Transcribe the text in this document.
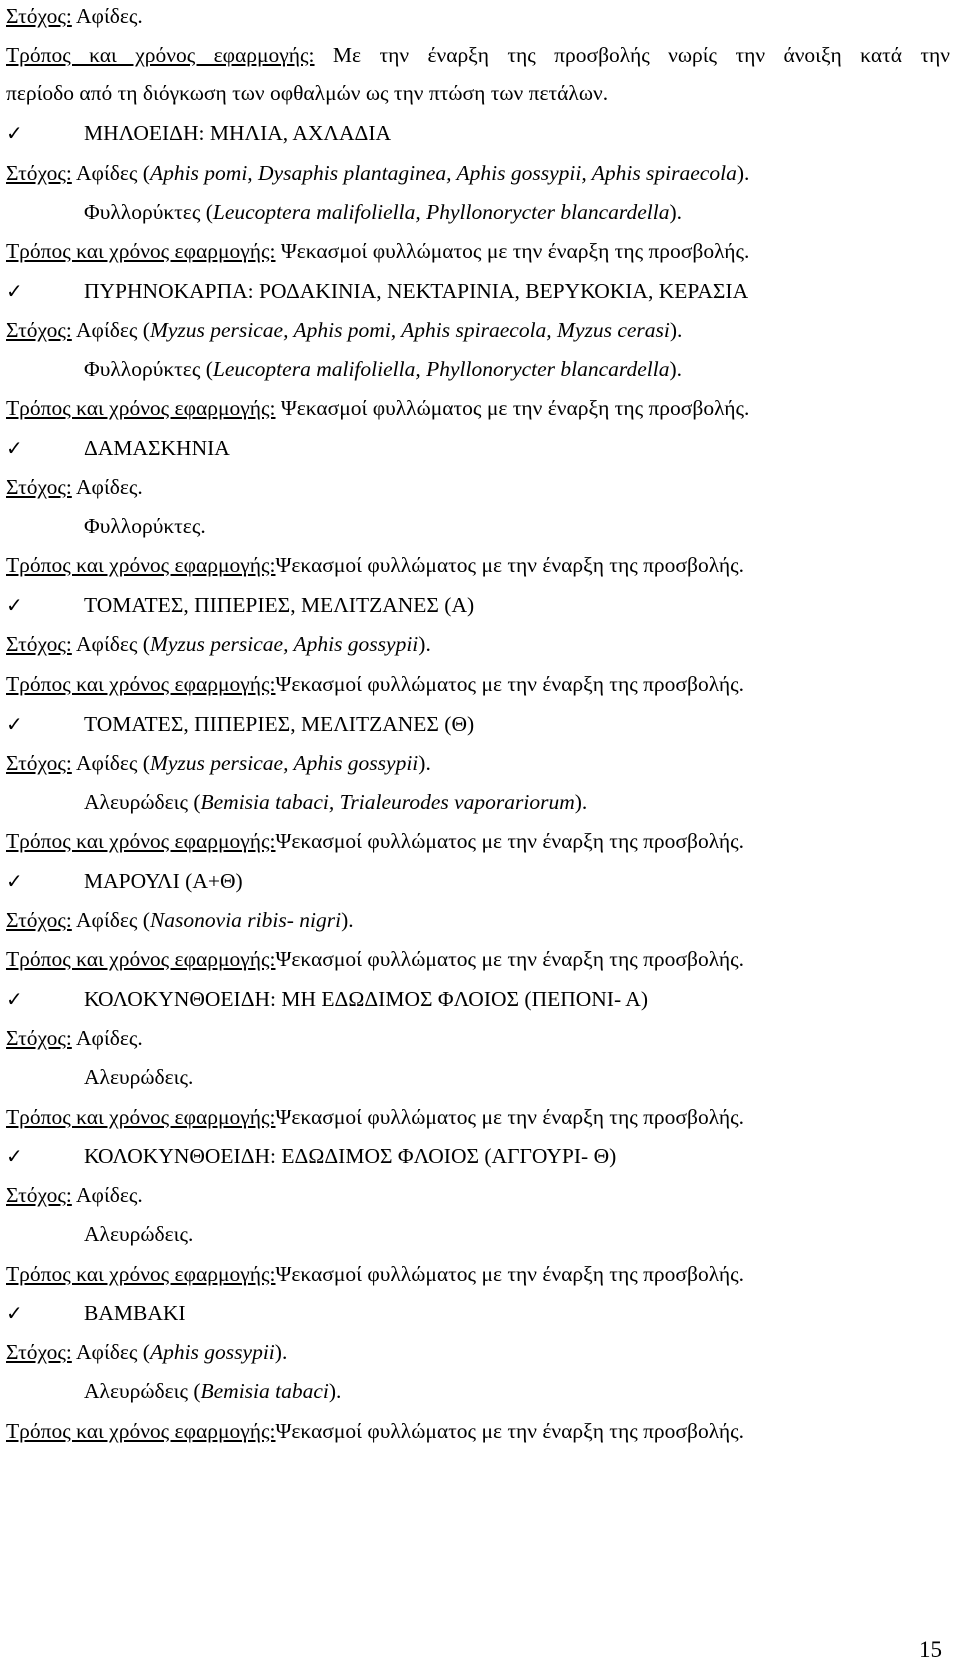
Στόχος: Αφίδες.
Τρόπος και χρόνος εφαρμογής: Με την έναρξη της προσβολής νωρίς την άνοιξη κατά την
περίοδο από τη διόγκωση των οφθαλμών ως την πτώση των πετάλων.
✓	ΜΗΛΟΕΙΔΗ: ΜΗΛΙΑ, ΑΧΛΑΔΙΑ
Στόχος: Αφίδες (Aphis pomi, Dysaphis plantaginea, Aphis gossypii, Aphis spiraecola).
Φυλλορύκτες (Leucoptera malifoliella, Phyllonorycter blancardella).
Τρόπος και χρόνος εφαρμογής: Ψεκασμοί φυλλώματος με την έναρξη της προσβολής.
✓	ΠΥΡΗΝΟΚΑΡΠΑ: ΡΟΔΑΚΙΝΙΑ, ΝΕΚΤΑΡΙΝΙΑ, ΒΕΡΥΚΟΚΙΑ, ΚΕΡΑΣΙΑ
Στόχος: Αφίδες (Myzus persicae, Aphis pomi, Aphis spiraecola, Myzus cerasi).
Φυλλορύκτες (Leucoptera malifoliella, Phyllonorycter blancardella).
Τρόπος και χρόνος εφαρμογής: Ψεκασμοί φυλλώματος με την έναρξη της προσβολής.
✓	ΔΑΜΑΣΚΗΝΙΑ
Στόχος: Αφίδες.
Φυλλορύκτες.
Τρόπος και χρόνος εφαρμογής:Ψεκασμοί φυλλώματος με την έναρξη της προσβολής.
✓	ΤΟΜΑΤΕΣ, ΠΙΠΕΡΙΕΣ, ΜΕΛΙΤΖΑΝΕΣ (Α)
Στόχος: Αφίδες (Myzus persicae, Aphis gossypii).
Τρόπος και χρόνος εφαρμογής:Ψεκασμοί φυλλώματος με την έναρξη της προσβολής.
✓	ΤΟΜΑΤΕΣ, ΠΙΠΕΡΙΕΣ, ΜΕΛΙΤΖΑΝΕΣ (Θ)
Στόχος: Αφίδες (Myzus persicae, Aphis gossypii).
Αλευρώδεις (Bemisia tabaci, Trialeurodes vaporariorum).
Τρόπος και χρόνος εφαρμογής:Ψεκασμοί φυλλώματος με την έναρξη της προσβολής.
✓	ΜΑΡΟΥΛΙ (Α+Θ)
Στόχος: Αφίδες (Nasonovia ribis- nigri).
Τρόπος και χρόνος εφαρμογής:Ψεκασμοί φυλλώματος με την έναρξη της προσβολής.
✓	ΚΟΛΟΚΥΝΘΟΕΙΔΗ: ΜΗ ΕΔΩΔΙΜΟΣ ΦΛΟΙΟΣ (ΠΕΠΟΝΙ- Α)
Στόχος: Αφίδες.
Αλευρώδεις.
Τρόπος και χρόνος εφαρμογής:Ψεκασμοί φυλλώματος με την έναρξη της προσβολής.
✓	ΚΟΛΟΚΥΝΘΟΕΙΔΗ: ΕΔΩΔΙΜΟΣ ΦΛΟΙΟΣ (ΑΓΓΟΥΡΙ- Θ)
Στόχος: Αφίδες.
Αλευρώδεις.
Τρόπος και χρόνος εφαρμογής:Ψεκασμοί φυλλώματος με την έναρξη της προσβολής.
✓	ΒΑΜΒΑΚΙ
Στόχος: Αφίδες (Aphis gossypii).
Αλευρώδεις (Bemisia tabaci).
Τρόπος και χρόνος εφαρμογής:Ψεκασμοί φυλλώματος με την έναρξη της προσβολής.
15
